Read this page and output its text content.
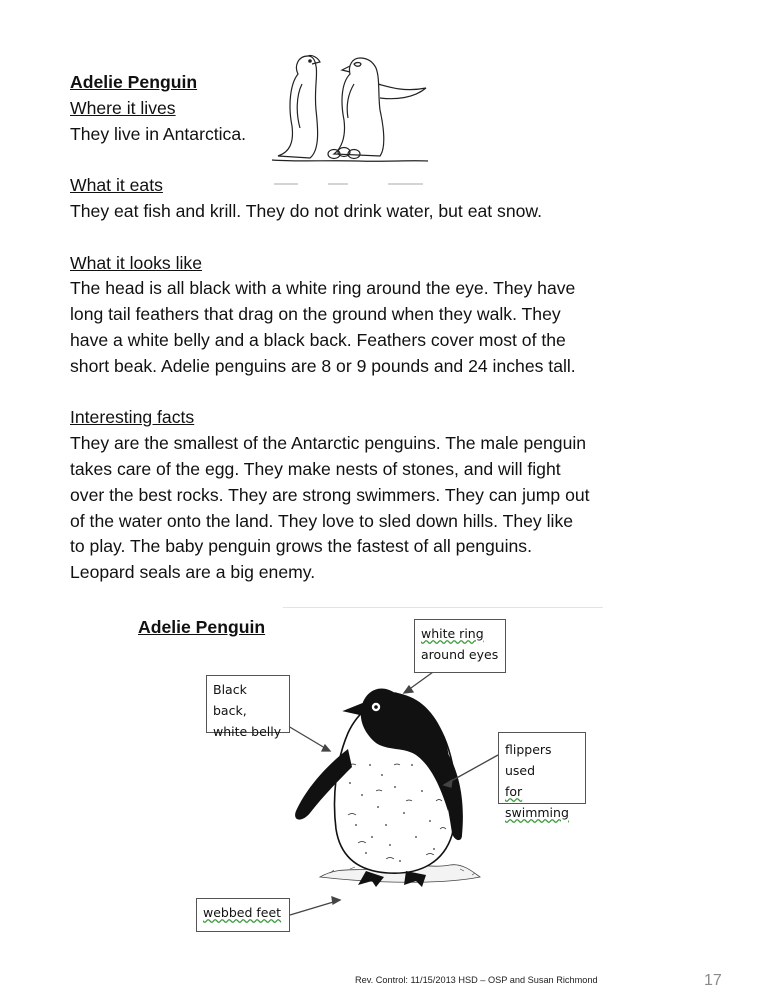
Adelie Penguin

Where it lives

They live in Antarctica.

What it eats

They eat fish and krill. They do not drink water, but eat snow.

What it looks like

The head is all black with a white ring around the eye. They have

long tail feathers that drag on the ground when they walk. They

have a white belly and a black back. Feathers cover most of the

short beak. Adelie penguins are 8 or 9 pounds and 24 inches tall.

Interesting facts

They are the smallest of the Antarctic penguins. The male penguin

takes care of the egg. They make nests of stones, and will fight

over the best rocks. They are strong swimmers. They can jump out

of the water onto the land. They love to sled down hills. They like

to play. The baby penguin grows the fastest of all penguins.

Leopard seals are a big enemy.

Adelie Penguin	white ring
around eyes
Black back,
white belly
flippers used
for swimming
webbed feet
Rev. Control: 11/15/2013 HSD – OSP and Susan Richmond	17
